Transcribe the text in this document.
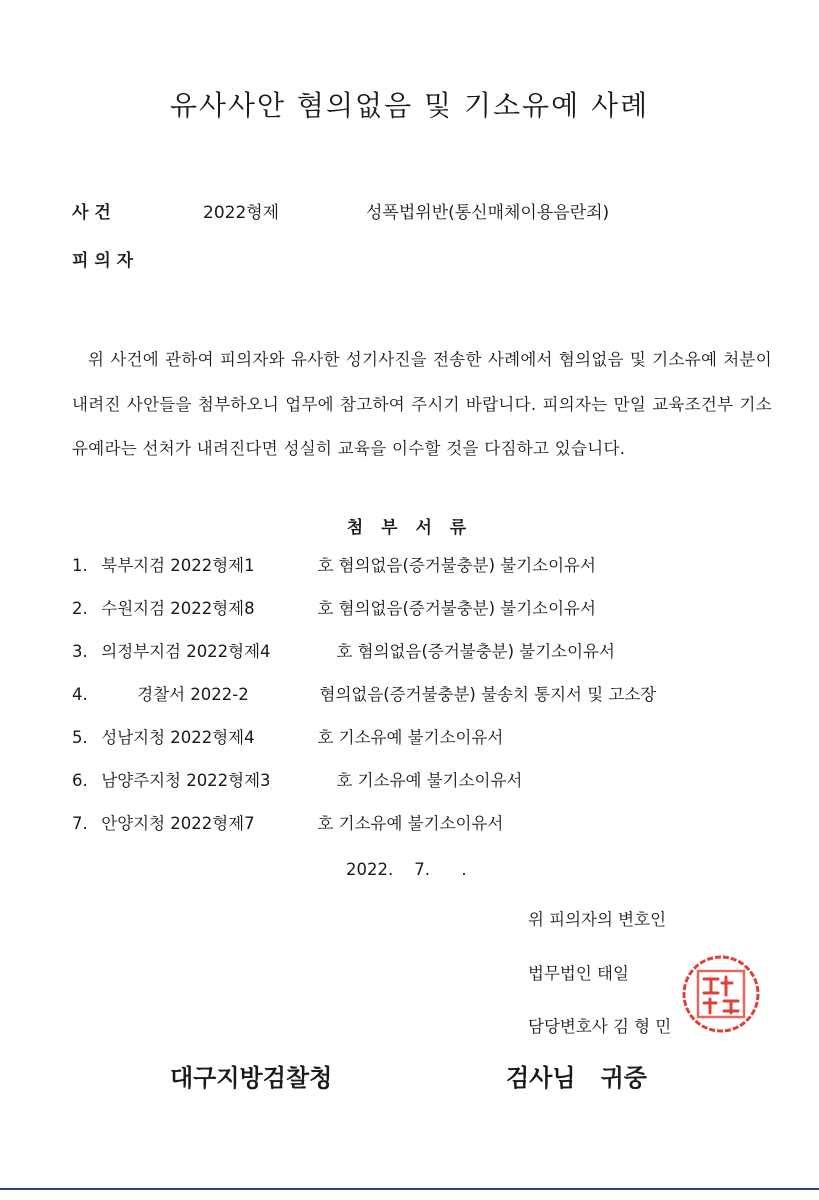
유사사안 혐의없음 및 기소유예 사례
사 건	2022형제	성폭법위반(통신매체이용음란죄)
피 의 자
위 사건에 관하여 피의자와 유사한 성기사진을 전송한 사례에서 혐의없음 및 기소유예 처분이 내려진 사안들을 첨부하오니 업무에 참고하여 주시기 바랍니다. 피의자는 만일 교육조건부 기소유예라는 선처가 내려진다면 성실히 교육을 이수할 것을 다짐하고 있습니다.
첨 부 서 류
1. 북부지검 2022형제1	호 혐의없음(증거불충분) 불기소이유서
2. 수원지검 2022형제8	호 혐의없음(증거불충분) 불기소이유서
3. 의정부지검 2022형제4	호 혐의없음(증거불충분) 불기소이유서
4.	경찰서 2022-2	혐의없음(증거불충분) 불송치 통지서 및 고소장
5. 성남지청 2022형제4	호 기소유예 불기소이유서
6. 남양주지청 2022형제3	호 기소유예 불기소이유서
7. 안양지청 2022형제7	호 기소유예 불기소이유서
2022.    7.      .
위 피의자의 변호인
법무법인 태일
담당변호사 김 형 민
대구지방검찰청	검사님   귀중
